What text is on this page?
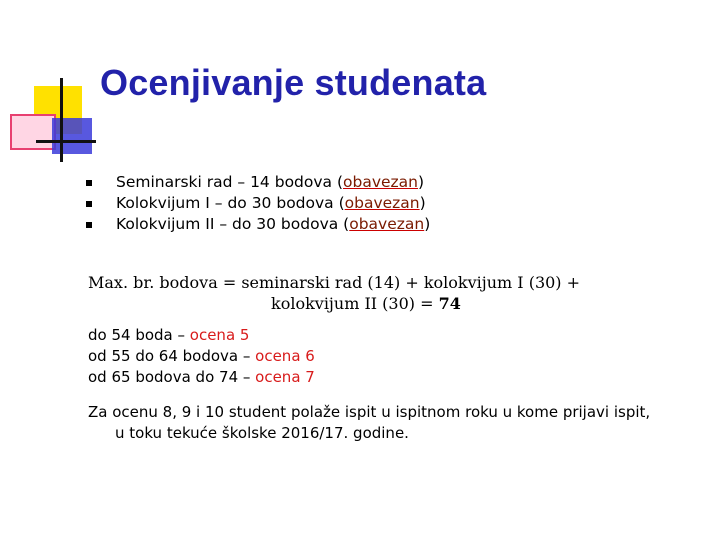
Ocenjivanje studenata
Seminarski rad – 14 bodova (obavezan)
Kolokvijum I – do 30 bodova (obavezan)
Kolokvijum II – do 30 bodova (obavezan)
Max. br. bodova = seminarski rad (14) + kolokvijum I (30) +
kolokvijum II (30) = 74
do 54 boda – ocena 5
od 55 do 64 bodova – ocena 6
od 65 bodova do 74 – ocena 7
Za ocenu 8, 9 i 10 student polaže ispit u ispitnom roku u kome prijavi ispit,
u toku tekuće školske 2016/17. godine.
